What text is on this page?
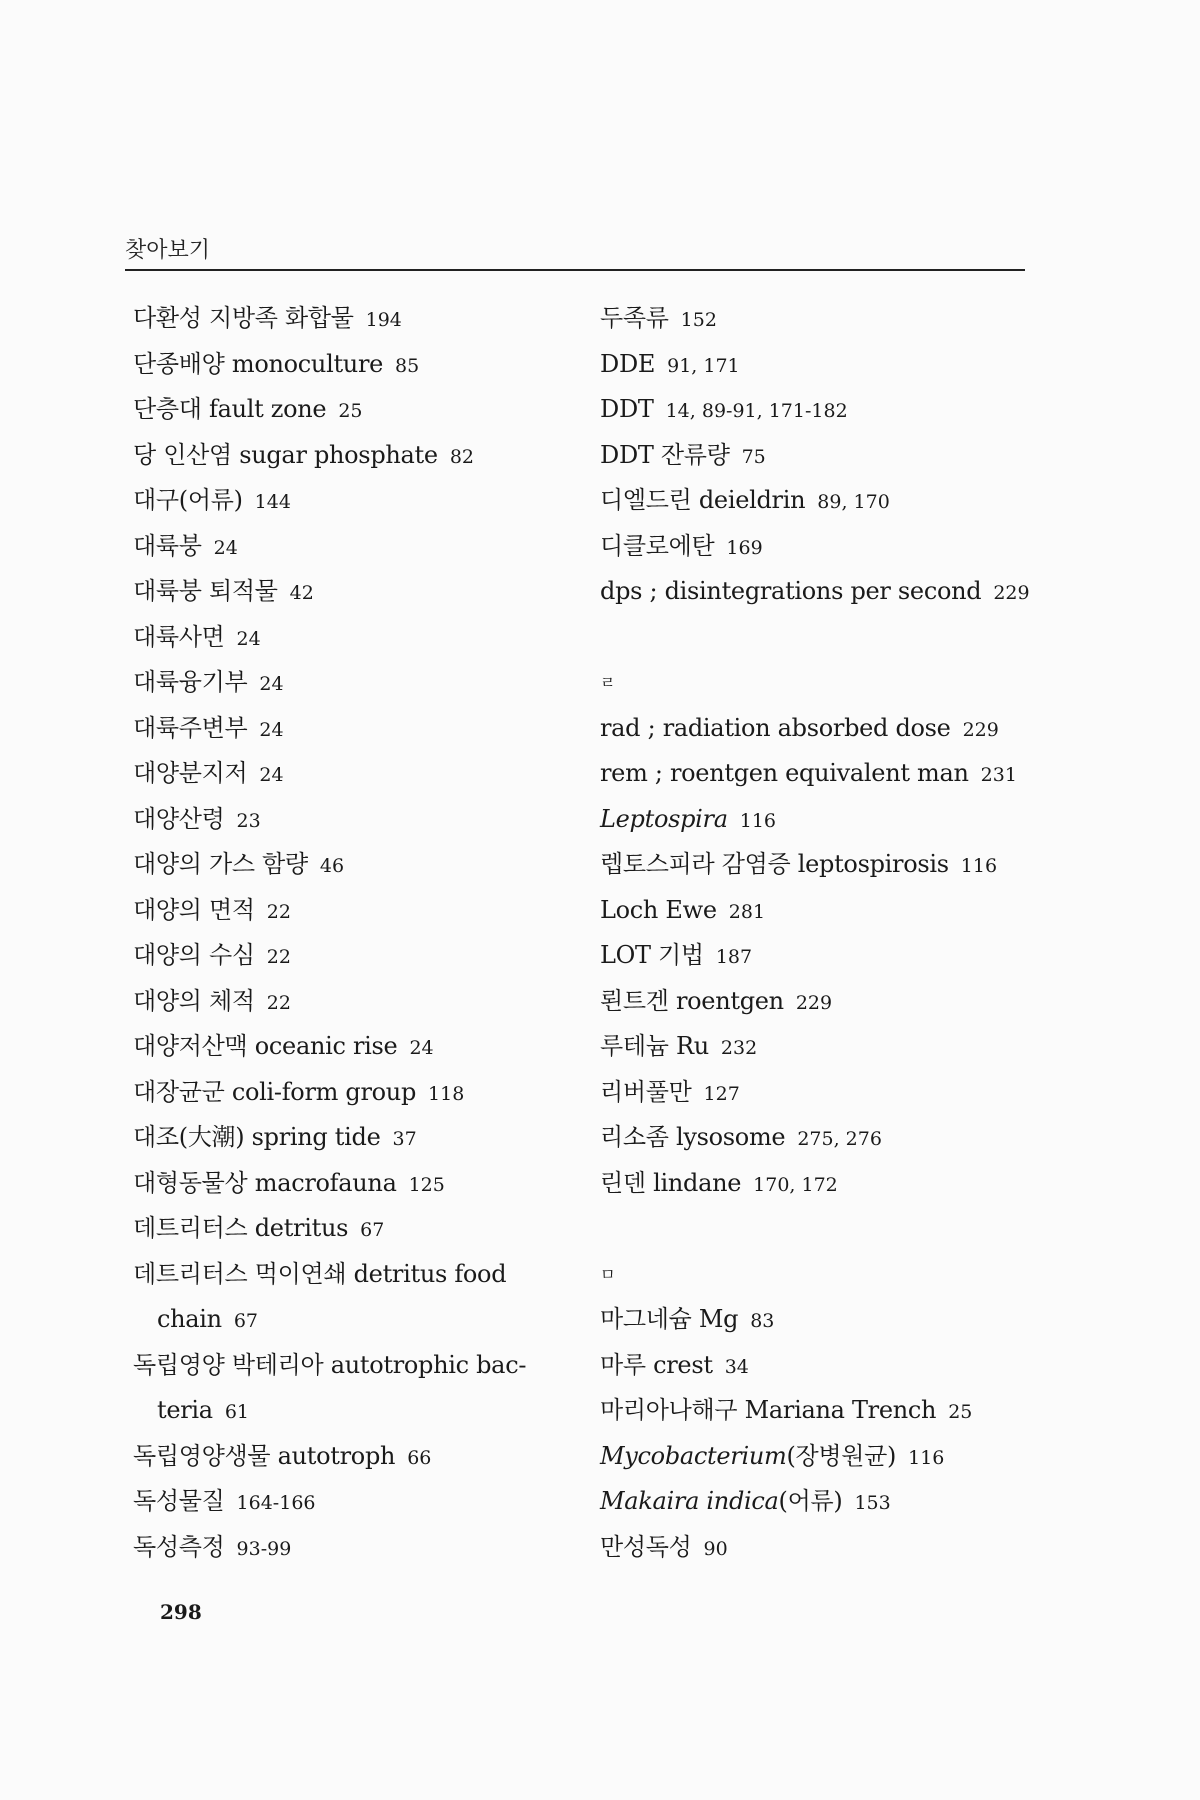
찾아보기
다환성 지방족 화합물 194
단종배양 monoculture 85
단층대 fault zone 25
당 인산염 sugar phosphate 82
대구(어류) 144
대륙붕 24
대륙붕 퇴적물 42
대륙사면 24
대륙융기부 24
대륙주변부 24
대양분지저 24
대양산령 23
대양의 가스 함량 46
대양의 면적 22
대양의 수심 22
대양의 체적 22
대양저산맥 oceanic rise 24
대장균군 coli-form group 118
대조(大潮) spring tide 37
대형동물상 macrofauna 125
데트리터스 detritus 67
데트리터스 먹이연쇄 detritus food
chain 67
독립영양 박테리아 autotrophic bac-
teria 61
독립영양생물 autotroph 66
독성물질 164-166
독성측정 93-99
두족류 152
DDE 91, 171
DDT 14, 89-91, 171-182
DDT 잔류량 75
디엘드린 deieldrin 89, 170
디클로에탄 169
dps ; disintegrations per second 229
ㄹ
rad ; radiation absorbed dose 229
rem ; roentgen equivalent man 231
Leptospira 116
렙토스피라 감염증 leptospirosis 116
Loch Ewe 281
LOT 기법 187
뢴트겐 roentgen 229
루테늄 Ru 232
리버풀만 127
리소좀 lysosome 275, 276
린덴 lindane 170, 172
ㅁ
마그네슘 Mg 83
마루 crest 34
마리아나해구 Mariana Trench 25
Mycobacterium(장병원균) 116
Makaira indica(어류) 153
만성독성 90
298
